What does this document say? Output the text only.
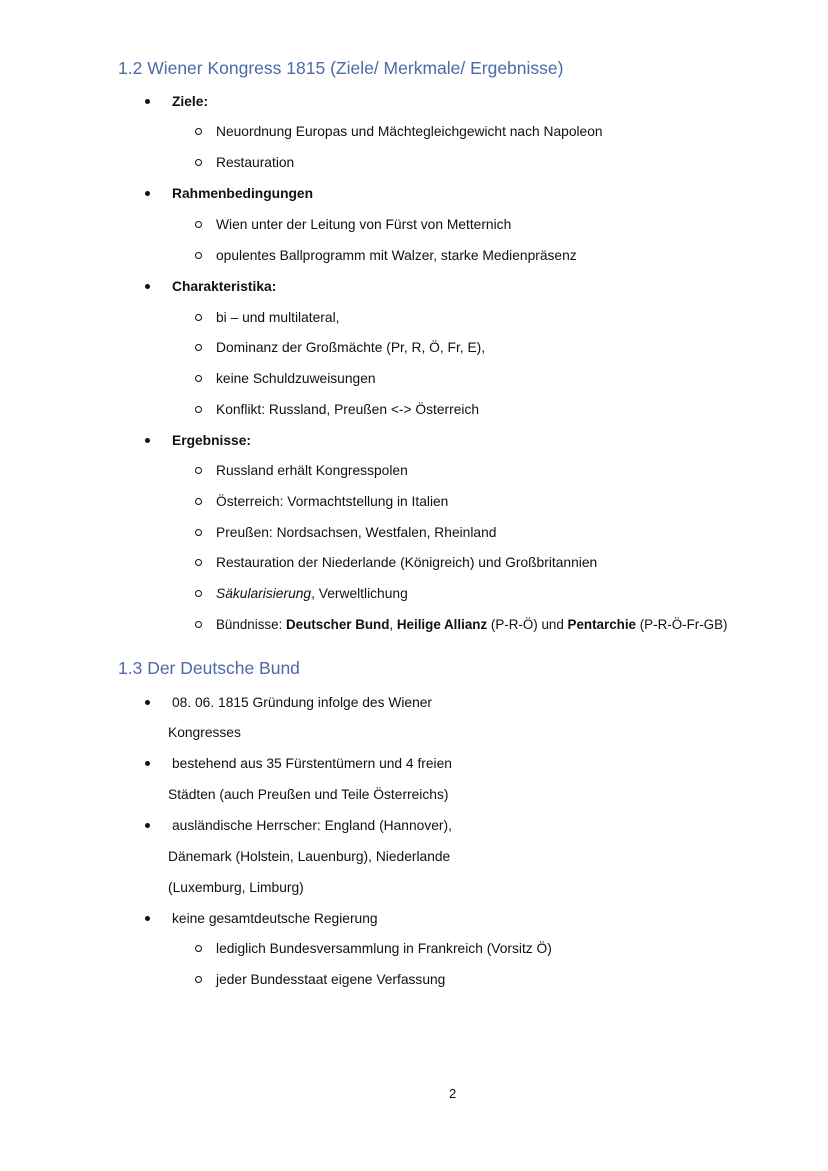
1.2 Wiener Kongress 1815 (Ziele/ Merkmale/ Ergebnisse)
Ziele:
Neuordnung Europas und Mächtegleichgewicht nach Napoleon
Restauration
Rahmenbedingungen
Wien unter der Leitung von Fürst von Metternich
opulentes Ballprogramm mit Walzer, starke Medienpräsenz
Charakteristika:
bi – und multilateral,
Dominanz der Großmächte (Pr, R, Ö, Fr, E),
keine Schuldzuweisungen
Konflikt: Russland, Preußen <-> Österreich
Ergebnisse:
Russland erhält Kongresspolen
Österreich: Vormachtstellung in Italien
Preußen: Nordsachsen, Westfalen, Rheinland
Restauration der Niederlande (Königreich) und Großbritannien
Säkularisierung, Verweltlichung
Bündnisse: Deutscher Bund, Heilige Allianz (P-R-Ö) und Pentarchie (P-R-Ö-Fr-GB)
1.3 Der Deutsche Bund
08. 06. 1815 Gründung infolge des Wiener
Kongresses
bestehend aus 35 Fürstentümern und 4 freien
Städten (auch Preußen und Teile Österreichs)
ausländische Herrscher: England (Hannover),
Dänemark (Holstein, Lauenburg), Niederlande
(Luxemburg, Limburg)
keine gesamtdeutsche Regierung
lediglich Bundesversammlung in Frankreich (Vorsitz Ö)
jeder Bundesstaat eigene Verfassung
2
